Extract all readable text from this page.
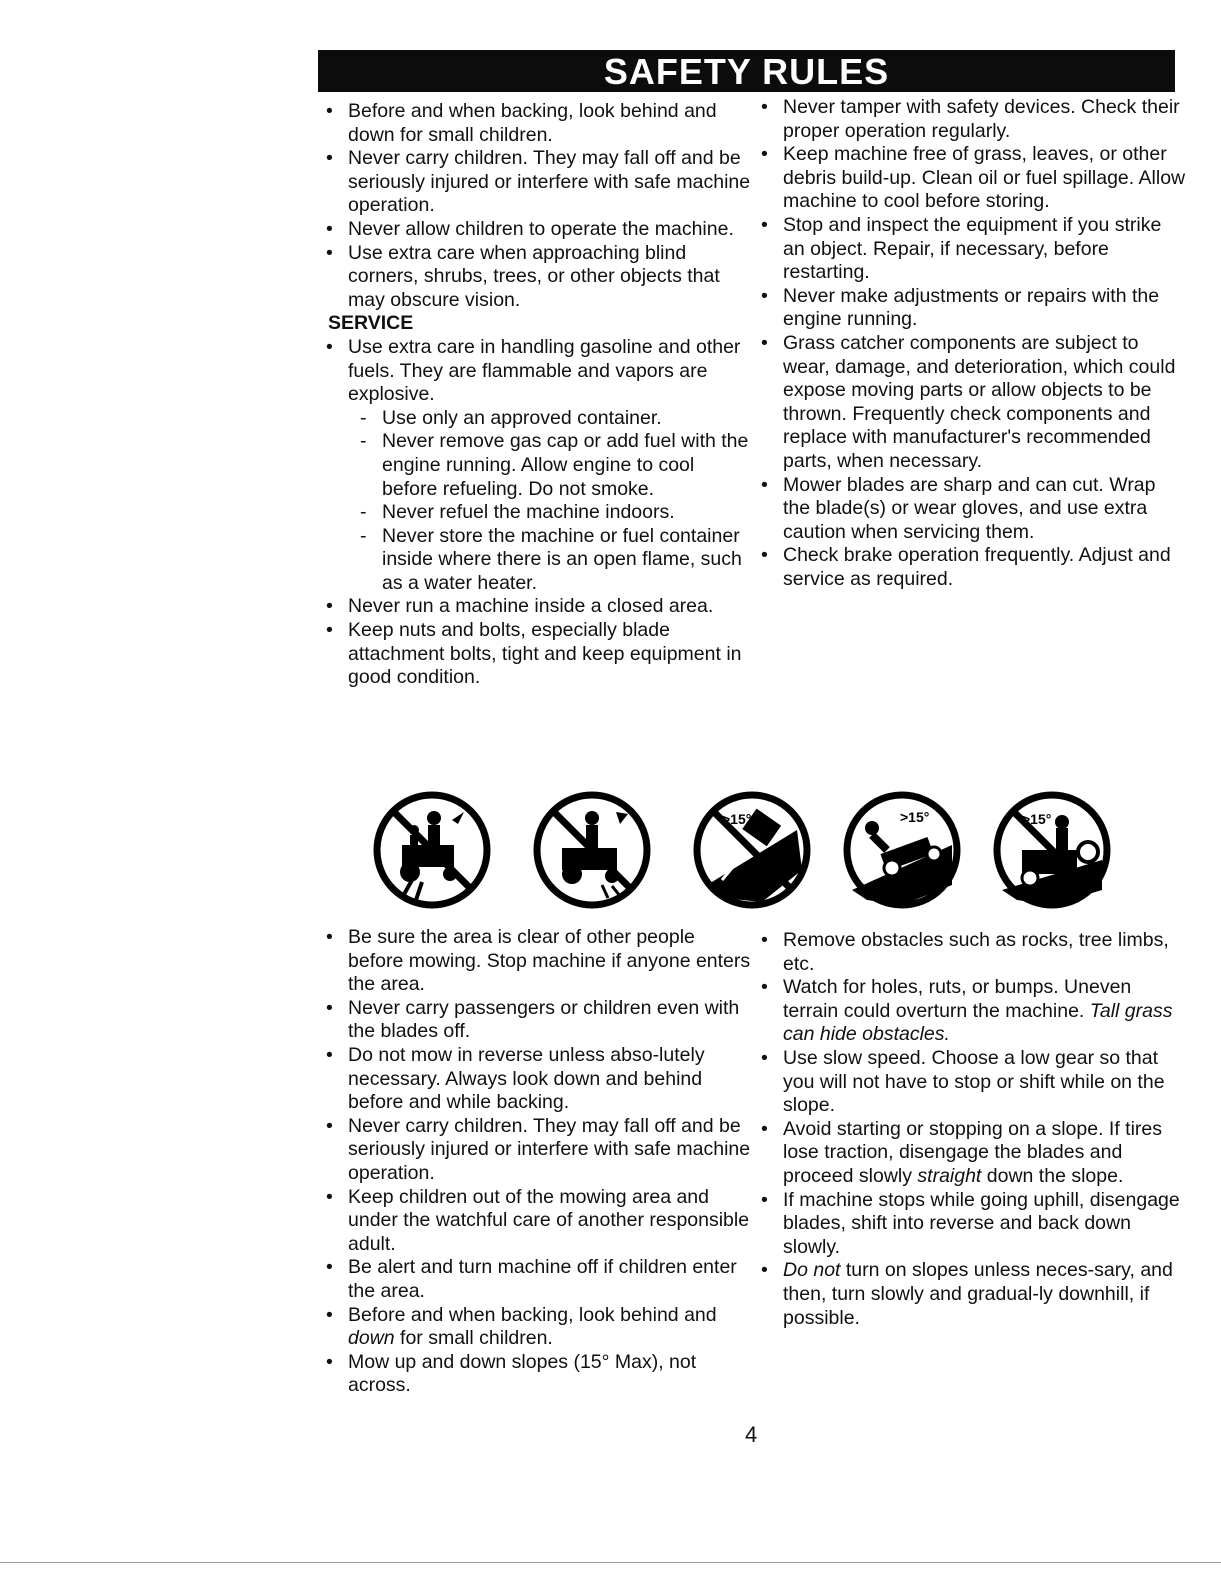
SAFETY RULES
• Before and when backing, look behind and down for small children.
• Never carry children. They may fall off and be seriously injured or interfere with safe machine operation.
• Never allow children to operate the machine.
• Use extra care when approaching blind corners, shrubs, trees, or other objects that may obscure vision.
SERVICE
• Use extra care in handling gasoline and other fuels. They are flammable and vapors are explosive.
- Use only an approved container.
- Never remove gas cap or add fuel with the engine running. Allow engine to cool before refueling. Do not smoke.
- Never refuel the machine indoors.
- Never store the machine or fuel container inside where there is an open flame, such as a water heater.
• Never run a machine inside a closed area.
• Keep nuts and bolts, especially blade attachment bolts, tight and keep equipment in good condition.
• Never tamper with safety devices. Check their proper operation regularly.
• Keep machine free of grass, leaves, or other debris build-up. Clean oil or fuel spillage. Allow machine to cool before storing.
• Stop and inspect the equipment if you strike an object. Repair, if necessary, before restarting.
• Never make adjustments or repairs with the engine running.
• Grass catcher components are subject to wear, damage, and deterioration, which could expose moving parts or allow objects to be thrown. Frequently check components and replace with manufacturer's recommended parts, when necessary.
• Mower blades are sharp and can cut. Wrap the blade(s) or wear gloves, and use extra caution when servicing them.
• Check brake operation frequently. Adjust and service as required.
>15°	>15°	>15°
• Be sure the area is clear of other people before mowing. Stop machine if anyone enters the area.
• Never carry passengers or children even with the blades off.
• Do not mow in reverse unless abso-lutely necessary. Always look down and behind before and while backing.
• Never carry children. They may fall off and be seriously injured or interfere with safe machine operation.
• Keep children out of the mowing area and under the watchful care of another responsible adult.
• Be alert and turn machine off if children enter the area.
• Before and when backing, look behind and down for small children.
• Mow up and down slopes (15° Max), not across.
• Remove obstacles such as rocks, tree limbs, etc.
• Watch for holes, ruts, or bumps. Uneven terrain could overturn the machine. Tall grass can hide obstacles.
• Use slow speed. Choose a low gear so that you will not have to stop or shift while on the slope.
• Avoid starting or stopping on a slope. If tires lose traction, disengage the blades and proceed slowly straight down the slope.
• If machine stops while going uphill, disengage blades, shift into reverse and back down slowly.
• Do not turn on slopes unless neces-sary, and then, turn slowly and gradual-ly downhill, if possible.
4
